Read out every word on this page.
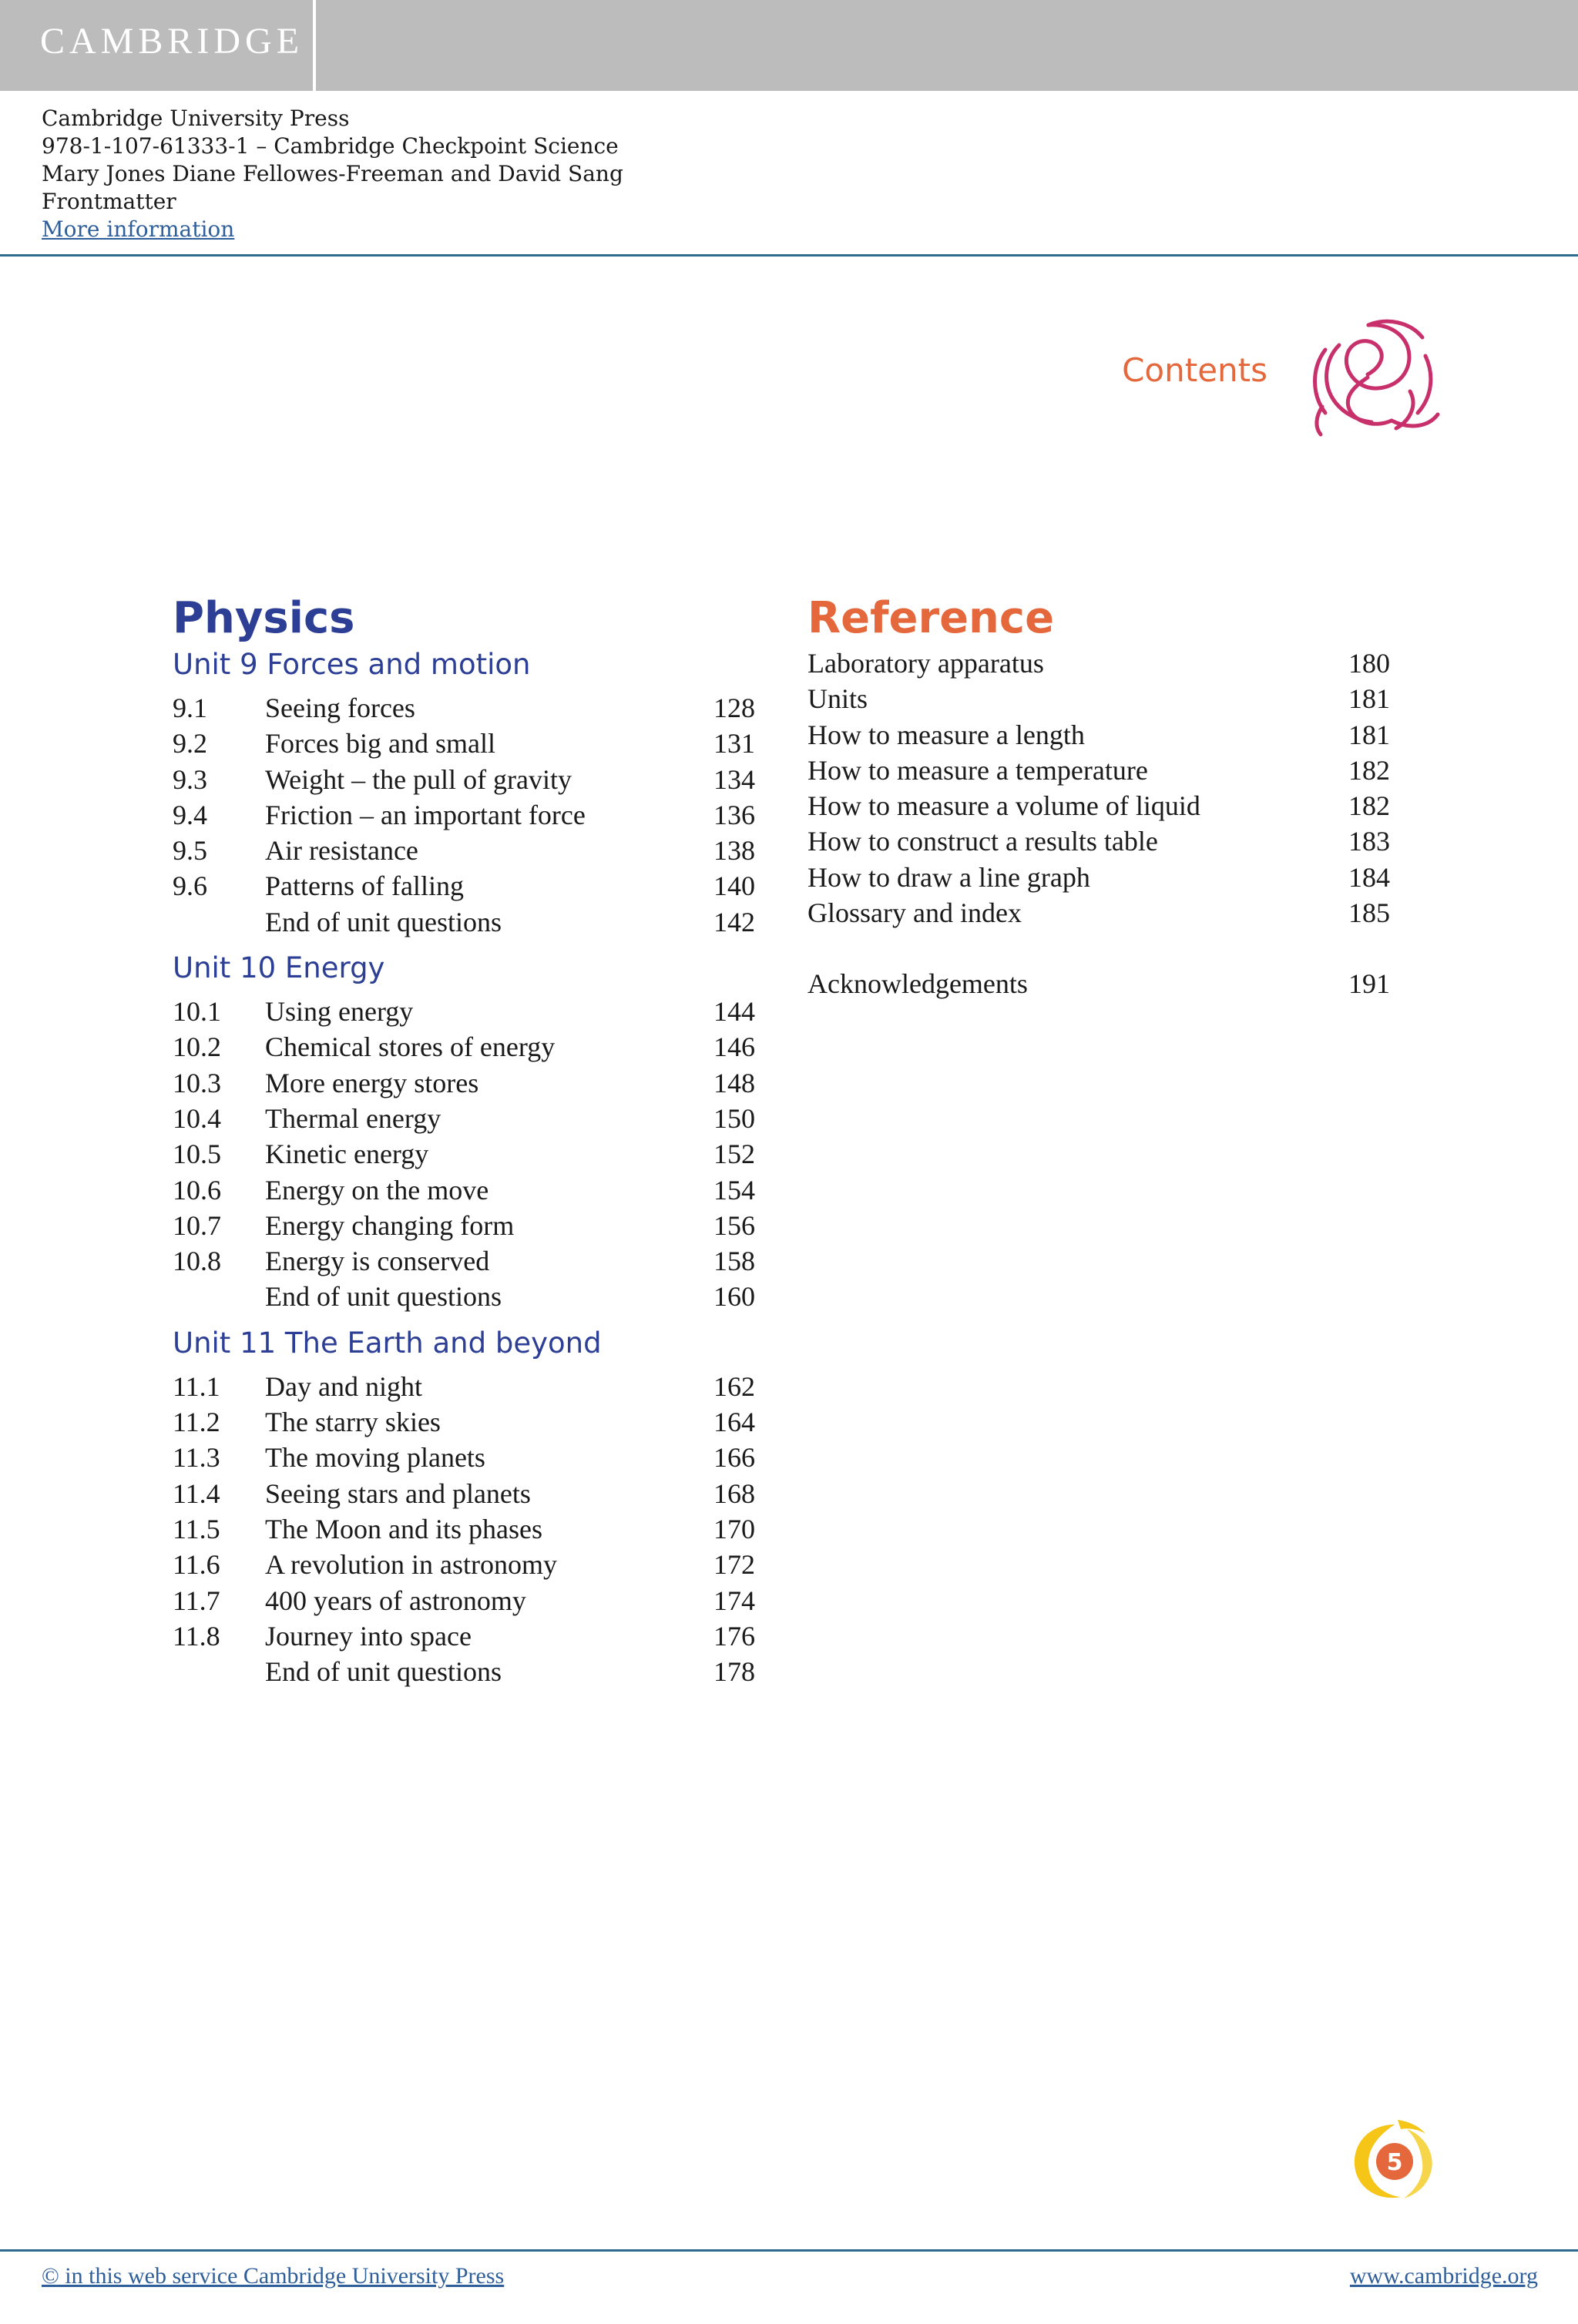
CAMBRIDGE
Cambridge University Press
978-1-107-61333-1 – Cambridge Checkpoint Science
Mary Jones Diane Fellowes-Freeman and David Sang
Frontmatter
More information
Contents
Physics
Unit 9 Forces and motion
9.1 Seeing forces	128
9.2 Forces big and small	131
9.3 Weight – the pull of gravity	134
9.4 Friction – an important force	136
9.5 Air resistance	138
9.6 Patterns of falling	140
End of unit questions	142
Unit 10 Energy
10.1 Using energy	144
10.2 Chemical stores of energy	146
10.3 More energy stores	148
10.4 Thermal energy	150
10.5 Kinetic energy	152
10.6 Energy on the move	154
10.7 Energy changing form	156
10.8 Energy is conserved	158
End of unit questions	160
Unit 11 The Earth and beyond
11.1 Day and night	162
11.2 The starry skies	164
11.3 The moving planets	166
11.4 Seeing stars and planets	168
11.5 The Moon and its phases	170
11.6 A revolution in astronomy	172
11.7 400 years of astronomy	174
11.8 Journey into space	176
End of unit questions	178
Reference
Laboratory apparatus	180
Units	181
How to measure a length	181
How to measure a temperature	182
How to measure a volume of liquid	182
How to construct a results table	183
How to draw a line graph	184
Glossary and index	185
Acknowledgements	191
5
© in this web service Cambridge University Press	www.cambridge.org
